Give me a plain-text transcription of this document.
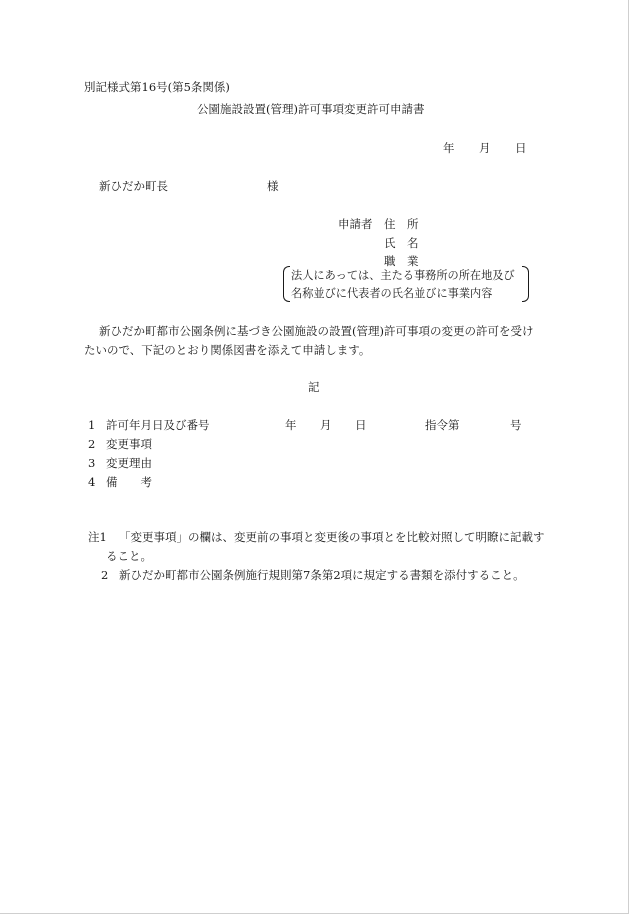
別記様式第16号(第5条関係)
公園施設設置(管理)許可事項変更許可申請書
年 月 日
新ひだか町長	様
申請者 住　所
氏　名
職　業
法人にあっては、主たる事務所の所在地及び
名称並びに代表者の氏名並びに事業内容
新ひだか町都市公園条例に基づき公園施設の設置(管理)許可事項の変更の許可を受け
たいので、下記のとおり関係図書を添えて申請します。
記
1 許可年月日及び番号	年 月 日	指令第	号
2 変更事項
3 変更理由
4 備　　考
注1 「変更事項」の欄は、変更前の事項と変更後の事項とを比較対照して明瞭に記載す
ること。
2 新ひだか町都市公園条例施行規則第7条第2項に規定する書類を添付すること。
